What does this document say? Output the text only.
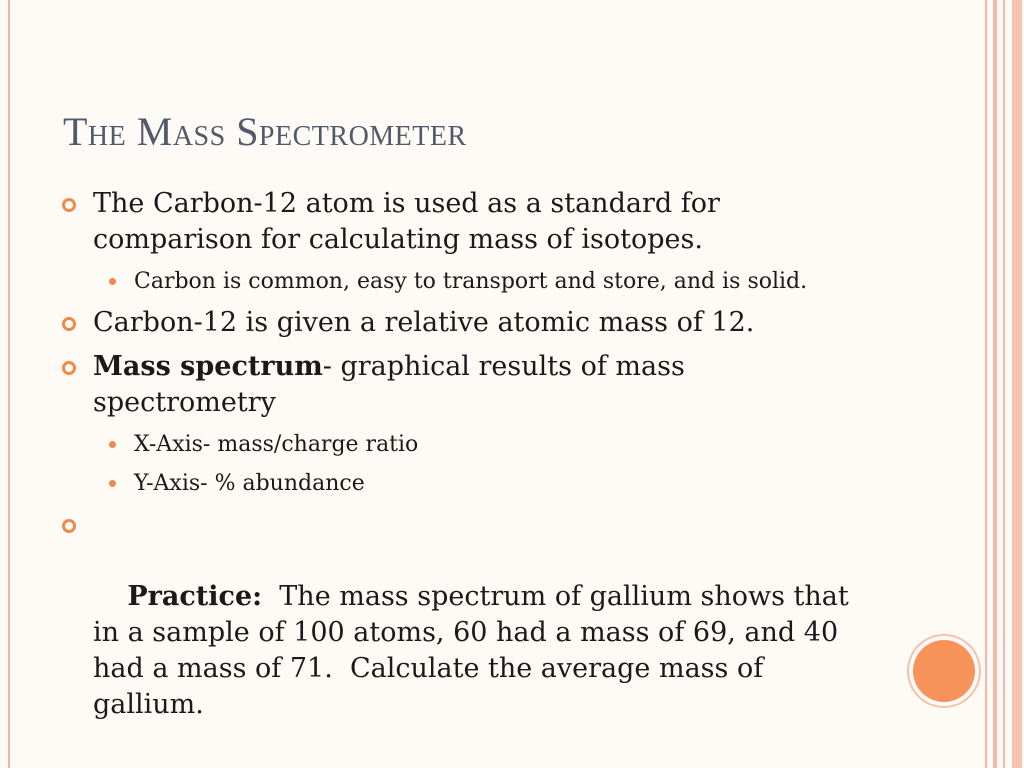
The Mass Spectrometer

The Carbon-12 atom is used as a standard for comparison for calculating mass of isotopes.

Carbon is common, easy to transport and store, and is solid.

Carbon-12 is given a relative atomic mass of 12.

Mass spectrum- graphical results of mass spectrometry

X-Axis- mass/charge ratio

Y-Axis- % abundance

Practice:  The mass spectrum of gallium shows that in a sample of 100 atoms, 60 had a mass of 69, and 40 had a mass of 71.  Calculate the average mass of gallium.
